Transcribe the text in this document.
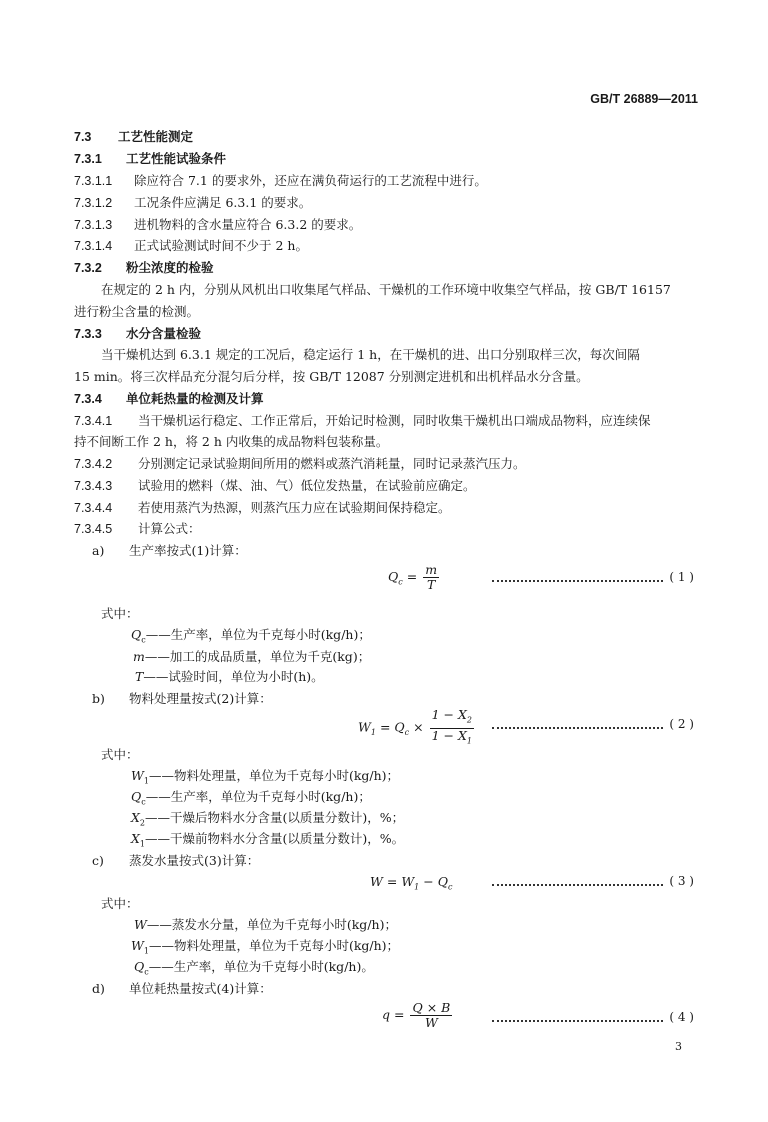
GB/T 26889—2011
7.3 工艺性能测定
7.3.1 工艺性能试验条件
7.3.1.1 除应符合 7.1 的要求外，还应在满负荷运行的工艺流程中进行。
7.3.1.2 工况条件应满足 6.3.1 的要求。
7.3.1.3 进机物料的含水量应符合 6.3.2 的要求。
7.3.1.4 正式试验测试时间不少于 2 h。
7.3.2 粉尘浓度的检验
在规定的 2 h 内，分别从风机出口收集尾气样品、干燥机的工作环境中收集空气样品，按 GB/T 16157
进行粉尘含量的检测。
7.3.3 水分含量检验
当干燥机达到 6.3.1 规定的工况后，稳定运行 1 h，在干燥机的进、出口分别取样三次，每次间隔
15 min。将三次样品充分混匀后分样，按 GB/T 12087 分别测定进机和出机样品水分含量。
7.3.4 单位耗热量的检测及计算
7.3.4.1 当干燥机运行稳定、工作正常后，开始记时检测，同时收集干燥机出口端成品物料，应连续保
持不间断工作 2 h，将 2 h 内收集的成品物料包装称量。
7.3.4.2 分别测定记录试验期间所用的燃料或蒸汽消耗量，同时记录蒸汽压力。
7.3.4.3 试验用的燃料（煤、油、气）低位发热量，在试验前应确定。
7.3.4.4 若使用蒸汽为热源，则蒸汽压力应在试验期间保持稳定。
7.3.4.5 计算公式：
a) 生产率按式(1)计算：
$Q_c = \frac{m}{T}$	( 1 )
式中：
$Q_c——$生产率，单位为千克每小时(kg/h)；
m——加工的成品质量，单位为千克(kg)；
T——试验时间，单位为小时(h)。
b) 物料处理量按式(2)计算：
$W_1 = Q_c \times \frac{1 - X_2}{1 - X_1}$	( 2 )
式中：
$W_1——$物料处理量，单位为千克每小时(kg/h)；
$Q_c——$生产率，单位为千克每小时(kg/h)；
$X_2——$干燥后物料水分含量(以质量分数计)，%；
$X_1——$干燥前物料水分含量(以质量分数计)，%。
c) 蒸发水量按式(3)计算：
$W = W_1 - Q_c$	( 3 )
式中：
W——蒸发水分量，单位为千克每小时(kg/h)；
$W_1——$物料处理量，单位为千克每小时(kg/h)；
$Q_c——$生产率，单位为千克每小时(kg/h)。
d) 单位耗热量按式(4)计算：
$q = \frac{Q \times B}{W}$	( 4 )
3
